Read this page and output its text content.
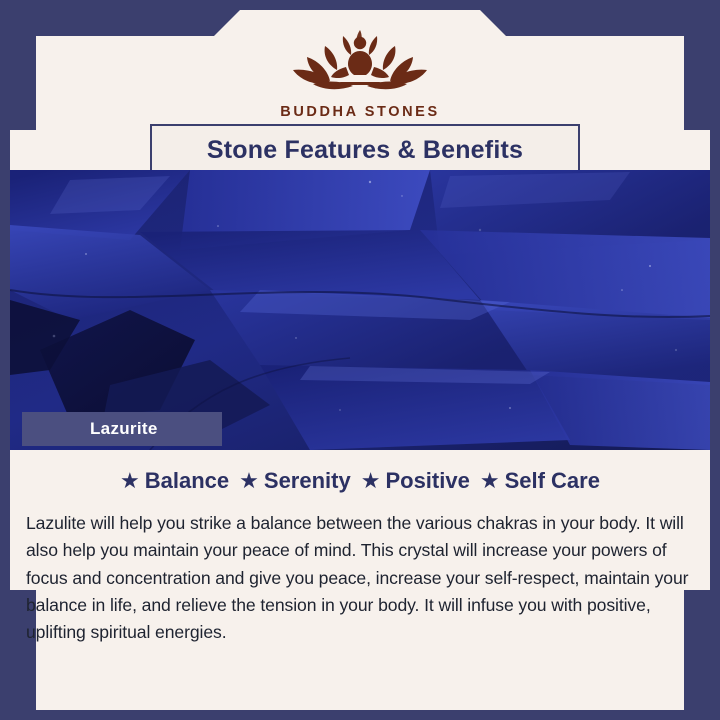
BUDDHA STONES
Stone Features & Benefits
Lazurite
★ Balance ★ Serenity ★ Positive ★ Self Care

Lazulite will help you strike a balance between the various chakras in your body. It will also help you maintain your peace of mind. This crystal will increase your powers of focus and concentration and give you peace, increase your self-respect, maintain your balance in life, and relieve the tension in your body. It will infuse you with positive, uplifting spiritual energies.
